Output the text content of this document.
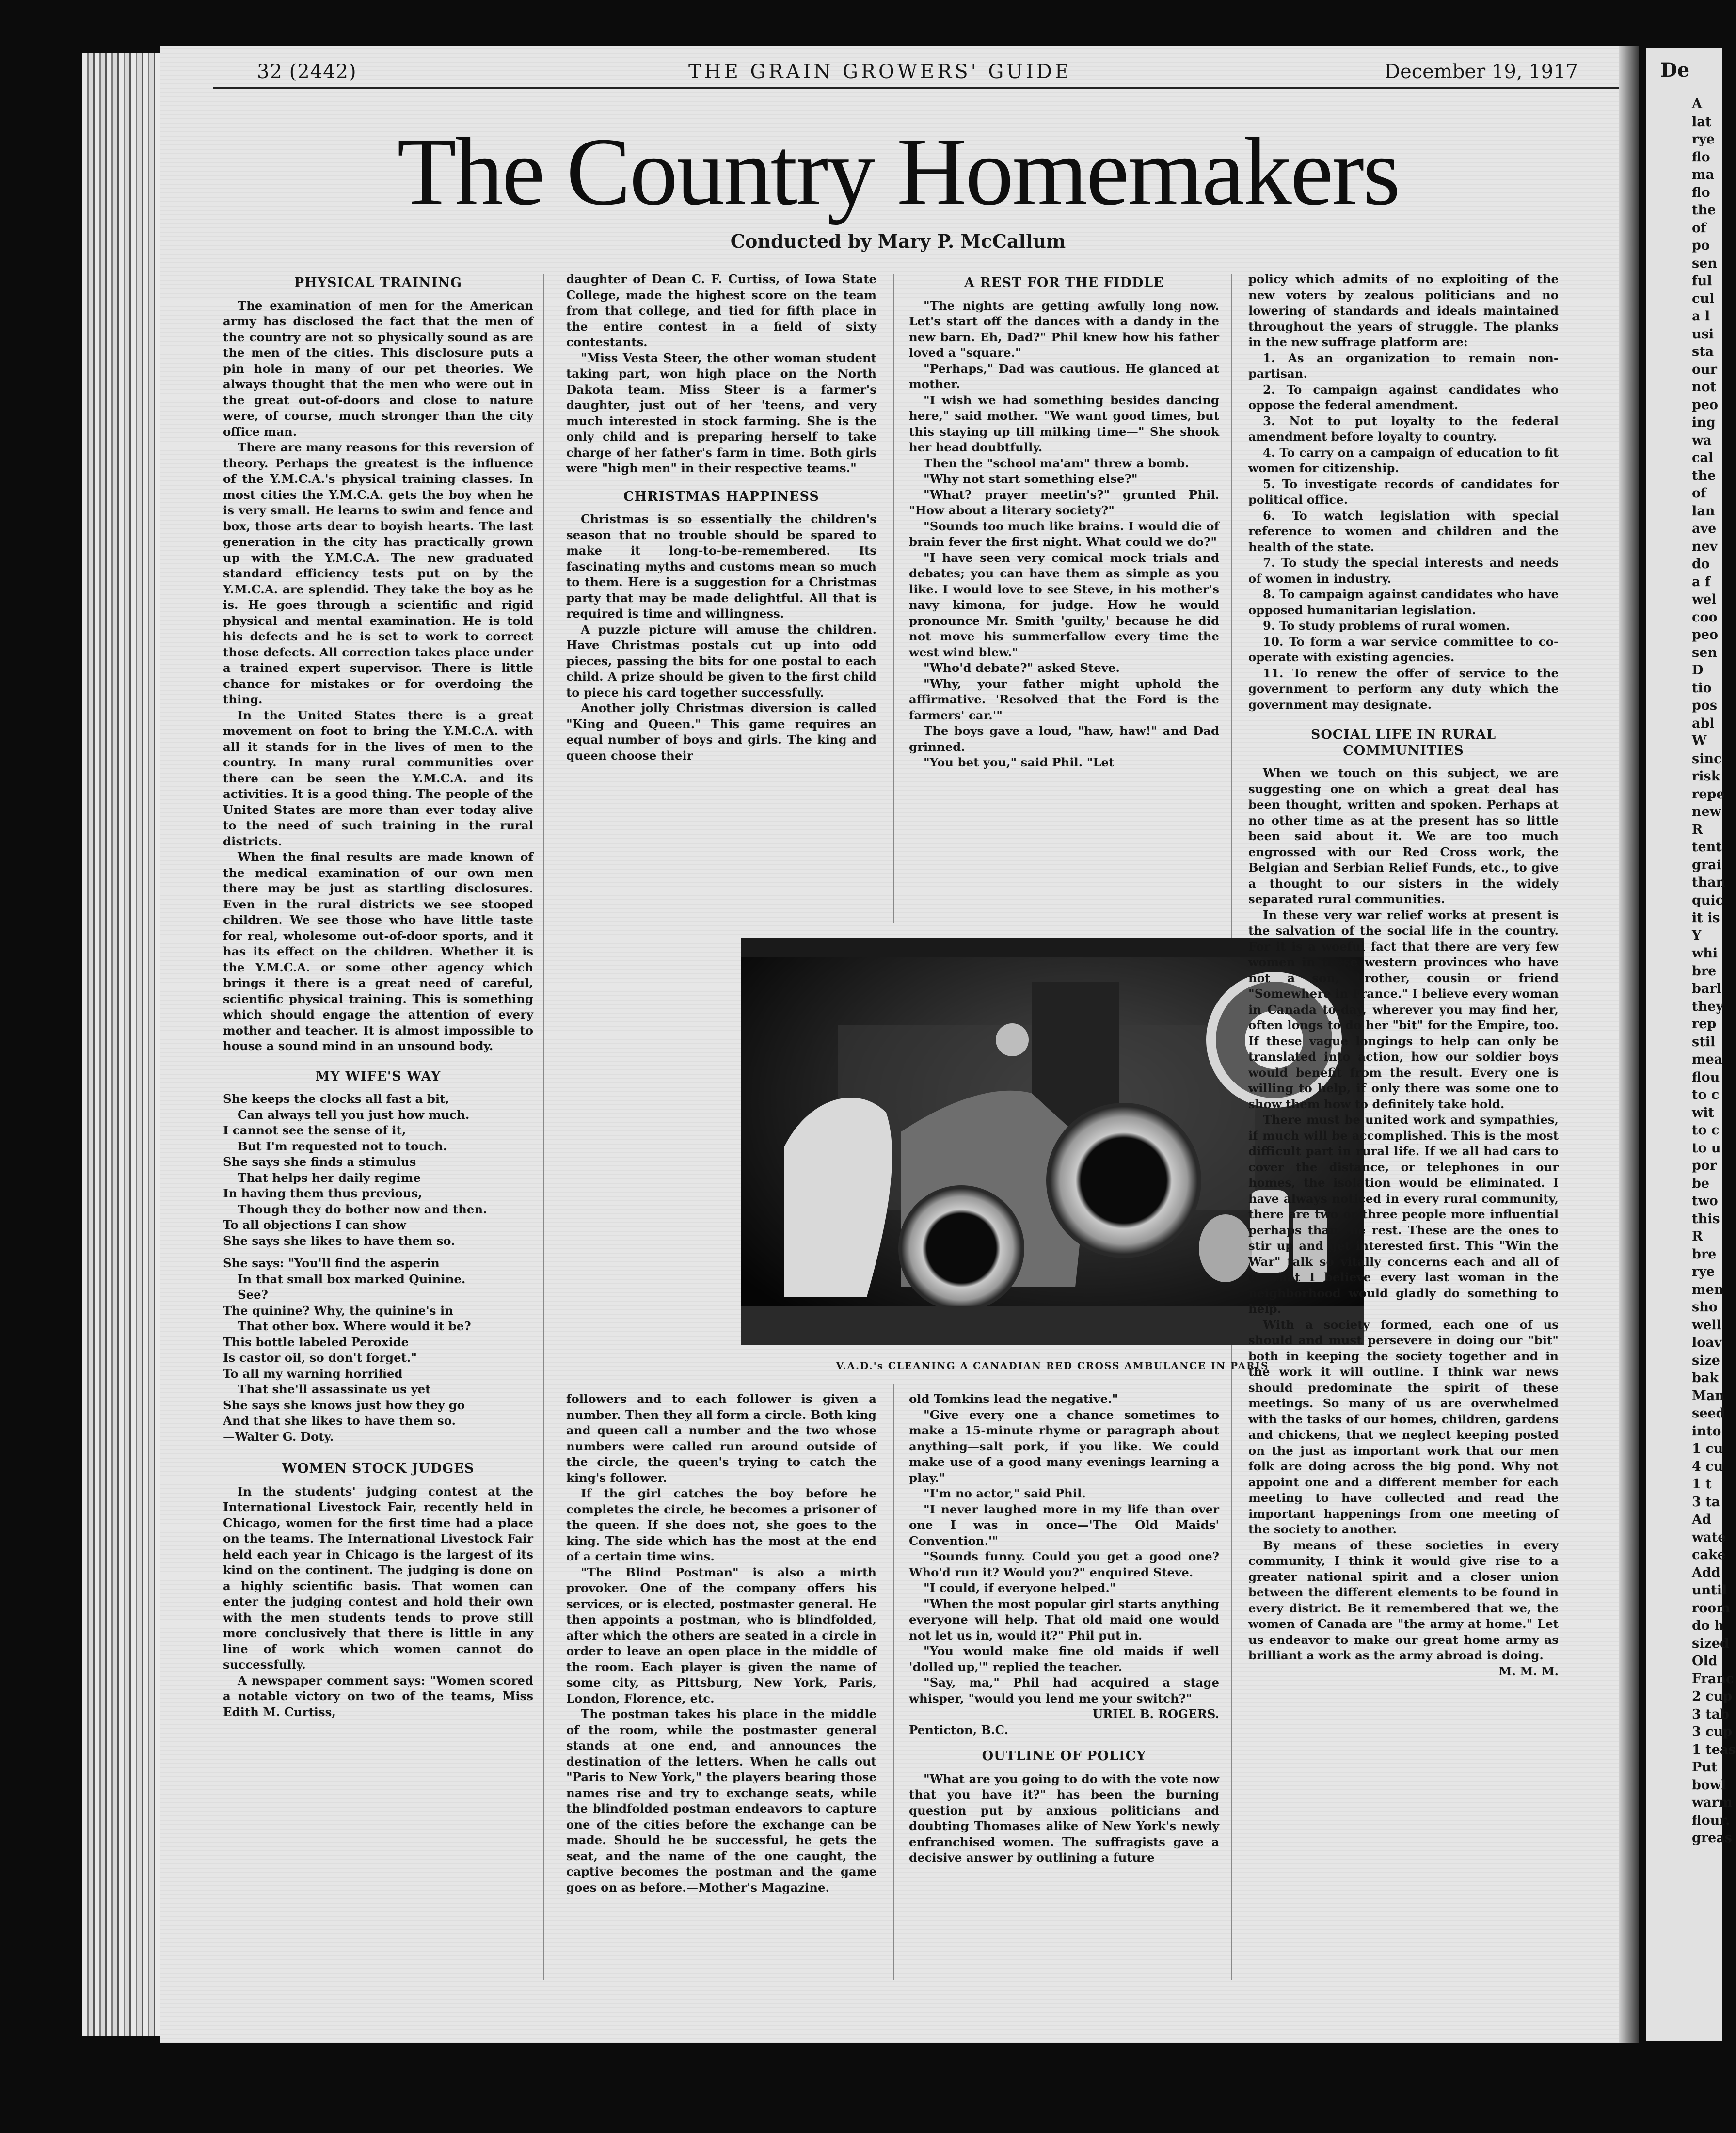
32 (2442)	THE GRAIN GROWERS' GUIDE	December 19, 1917
The Country Homemakers
Conducted by Mary P. McCallum
PHYSICAL TRAINING

The examination of men for the American army has disclosed the fact that the men of the country are not so physically sound as are the men of the cities. This disclosure puts a pin hole in many of our pet theories. We always thought that the men who were out in the great out-of-doors and close to nature were, of course, much stronger than the city office man.

There are many reasons for this reversion of theory. Perhaps the greatest is the influence of the Y.M.C.A.'s physical training classes. In most cities the Y.M.C.A. gets the boy when he is very small. He learns to swim and fence and box, those arts dear to boyish hearts. The last generation in the city has practically grown up with the Y.M.C.A. The new graduated standard efficiency tests put on by the Y.M.C.A. are splendid. They take the boy as he is. He goes through a scientific and rigid physical and mental examination. He is told his defects and he is set to work to correct those defects. All correction takes place under a trained expert supervisor. There is little chance for mistakes or for overdoing the thing.

In the United States there is a great movement on foot to bring the Y.M.C.A. with all it stands for in the lives of men to the country. In many rural communities over there can be seen the Y.M.C.A. and its activities. It is a good thing. The people of the United States are more than ever today alive to the need of such training in the rural districts.

When the final results are made known of the medical examination of our own men there may be just as startling disclosures. Even in the rural districts we see stooped children. We see those who have little taste for real, wholesome out-of-door sports, and it has its effect on the children. Whether it is the Y.M.C.A. or some other agency which brings it there is a great need of careful, scientific physical training. This is something which should engage the attention of every mother and teacher. It is almost impossible to house a sound mind in an unsound body.

MY WIFE'S WAY

She keeps the clocks all fast a bit,

Can always tell you just how much.

I cannot see the sense of it,

But I'm requested not to touch.

She says she finds a stimulus

That helps her daily regime

In having them thus previous,

Though they do bother now and then.

To all objections I can show

She says she likes to have them so.

She says: "You'll find the asperin

In that small box marked Quinine.

See?

The quinine? Why, the quinine's in

That other box. Where would it be?

This bottle labeled Peroxide

Is castor oil, so don't forget."

To all my warning horrified

That she'll assassinate us yet

She says she knows just how they go

And that she likes to have them so.

—Walter G. Doty.

WOMEN STOCK JUDGES

In the students' judging contest at the International Livestock Fair, recently held in Chicago, women for the first time had a place on the teams. The International Livestock Fair held each year in Chicago is the largest of its kind on the continent. The judging is done on a highly scientific basis. That women can enter the judging contest and hold their own with the men students tends to prove still more conclusively that there is little in any line of work which women cannot do successfully.

A newspaper comment says: "Women scored a notable victory on two of the teams, Miss Edith M. Curtiss,

daughter of Dean C. F. Curtiss, of Iowa State College, made the highest score on the team from that college, and tied for fifth place in the entire contest in a field of sixty contestants.

"Miss Vesta Steer, the other woman student taking part, won high place on the North Dakota team. Miss Steer is a farmer's daughter, just out of her 'teens, and very much interested in stock farming. She is the only child and is preparing herself to take charge of her father's farm in time. Both girls were "high men" in their respective teams."

CHRISTMAS HAPPINESS

Christmas is so essentially the children's season that no trouble should be spared to make it long-to-be-remembered. Its fascinating myths and customs mean so much to them. Here is a suggestion for a Christmas party that may be made delightful. All that is required is time and willingness.

A puzzle picture will amuse the children. Have Christmas postals cut up into odd pieces, passing the bits for one postal to each child. A prize should be given to the first child to piece his card together successfully.

Another jolly Christmas diversion is called "King and Queen." This game requires an equal number of boys and girls. The king and queen choose their

A REST FOR THE FIDDLE

"The nights are getting awfully long now. Let's start off the dances with a dandy in the new barn. Eh, Dad?" Phil knew how his father loved a "square."

"Perhaps," Dad was cautious. He glanced at mother.

"I wish we had something besides dancing here," said mother. "We want good times, but this staying up till milking time—" She shook her head doubtfully.

Then the "school ma'am" threw a bomb.

"Why not start something else?"

"What? prayer meetin's?" grunted Phil. "How about a literary society?"

"Sounds too much like brains. I would die of brain fever the first night. What could we do?"

"I have seen very comical mock trials and debates; you can have them as simple as you like. I would love to see Steve, in his mother's navy kimona, for judge. How he would pronounce Mr. Smith 'guilty,' because he did not move his summerfallow every time the west wind blew."

"Who'd debate?" asked Steve.

"Why, your father might uphold the affirmative. 'Resolved that the Ford is the farmers' car.'"

The boys gave a loud, "haw, haw!" and Dad grinned.

"You bet you," said Phil. "Let

V.A.D.'s CLEANING A CANADIAN RED CROSS AMBULANCE IN PARIS

followers and to each follower is given a number. Then they all form a circle. Both king and queen call a number and the two whose numbers were called run around outside of the circle, the queen's trying to catch the king's follower.

If the girl catches the boy before he completes the circle, he becomes a prisoner of the queen. If she does not, she goes to the king. The side which has the most at the end of a certain time wins.

"The Blind Postman" is also a mirth provoker. One of the company offers his services, or is elected, postmaster general. He then appoints a postman, who is blindfolded, after which the others are seated in a circle in order to leave an open place in the middle of the room. Each player is given the name of some city, as Pittsburg, New York, Paris, London, Florence, etc.

The postman takes his place in the middle of the room, while the postmaster general stands at one end, and announces the destination of the letters. When he calls out "Paris to New York," the players bearing those names rise and try to exchange seats, while the blindfolded postman endeavors to capture one of the cities before the exchange can be made. Should he be successful, he gets the seat, and the name of the one caught, the captive becomes the postman and the game goes on as before.—Mother's Magazine.

old Tomkins lead the negative."

"Give every one a chance sometimes to make a 15-minute rhyme or paragraph about anything—salt pork, if you like. We could make use of a good many evenings learning a play."

"I'm no actor," said Phil.

"I never laughed more in my life than over one I was in once—'The Old Maids' Convention.'"

"Sounds funny. Could you get a good one? Who'd run it? Would you?" enquired Steve.

"I could, if everyone helped."

"When the most popular girl starts anything everyone will help. That old maid one would not let us in, would it?" Phil put in.

"You would make fine old maids if well 'dolled up,'" replied the teacher.

"Say, ma," Phil had acquired a stage whisper, "would you lend me your switch?"

URIEL B. ROGERS.

Penticton, B.C.

OUTLINE OF POLICY

"What are you going to do with the vote now that you have it?" has been the burning question put by anxious politicians and doubting Thomases alike of New York's newly enfranchised women. The suffragists gave a decisive answer by outlining a future

policy which admits of no exploiting of the new voters by zealous politicians and no lowering of standards and ideals maintained throughout the years of struggle. The planks in the new suffrage platform are:

1. As an organization to remain non-partisan.

2. To campaign against candidates who oppose the federal amendment.

3. Not to put loyalty to the federal amendment before loyalty to country.

4. To carry on a campaign of education to fit women for citizenship.

5. To investigate records of candidates for political office.

6. To watch legislation with special reference to women and children and the health of the state.

7. To study the special interests and needs of women in industry.

8. To campaign against candidates who have opposed humanitarian legislation.

9. To study problems of rural women.

10. To form a war service committee to co-operate with existing agencies.

11. To renew the offer of service to the government to perform any duty which the government may designate.

SOCIAL LIFE IN RURAL COMMUNITIES

When we touch on this subject, we are suggesting one on which a great deal has been thought, written and spoken. Perhaps at no other time as at the present has so little been said about it. We are too much engrossed with our Red Cross work, the Belgian and Serbian Relief Funds, etc., to give a thought to our sisters in the widely separated rural communities.

In these very war relief works at present is the salvation of the social life in the country. For it is a woeful fact that there are very few women in these western provinces who have not a son, brother, cousin or friend "Somewhere in France." I believe every woman in Canada to-day, wherever you may find her, often longs to do her "bit" for the Empire, too. If these vague longings to help can only be translated into action, how our soldier boys would benefit from the result. Every one is willing to help, if only there was some one to show them how to definitely take hold.

There must be united work and sympathies, if much will be accomplished. This is the most difficult part in rural life. If we all had cars to cover the distance, or telephones in our homes, the isolation would be eliminated. I have always noticed in every rural community, there are two or three people more influential perhaps than the rest. These are the ones to stir up and get interested first. This "Win the War" talk so vitally concerns each and all of us that I believe every last woman in the neighborhood would gladly do something to help.

With a society formed, each one of us should and must persevere in doing our "bit" both in keeping the society together and in the work it will outline. I think war news should predominate the spirit of these meetings. So many of us are overwhelmed with the tasks of our homes, children, gardens and chickens, that we neglect keeping posted on the just as important work that our men folk are doing across the big pond. Why not appoint one and a different member for each meeting to have collected and read the important happenings from one meeting of the society to another.

By means of these societies in every community, I think it would give rise to a greater national spirit and a closer union between the different elements to be found in every district. Be it remembered that we, the women of Canada are "the army at home." Let us endeavor to make our great home army as brilliant a work as the army abroad is doing.

M. M. M.

De
A
lat
rye
flo
ma
flo
the
of
po
sen
ful
cul
a l
usi
sta
our
not
peo
ing
wa
cal
the
of
lan
ave
nev
do
a f
wel
coo
peo
sen
D
tio
pos
abl
W
sinc
risk
repe
new
R
tent
grai
than
quic
it is
Y
whi
bre
barl
they
rep
stil
mea
flou
to c
wit
to c
to u
por
be
two
this
R
bre
rye
men
sho
well
loav
size
bak
Man
seed
into
1 cu
4 cu
1 t
3 ta
Ad
wate
cake
Add
until
room
do h
sized
Old
Franc
2 cup
3 tab
3 cup
1 teas
Put
bowl
warm
flour.
greas
